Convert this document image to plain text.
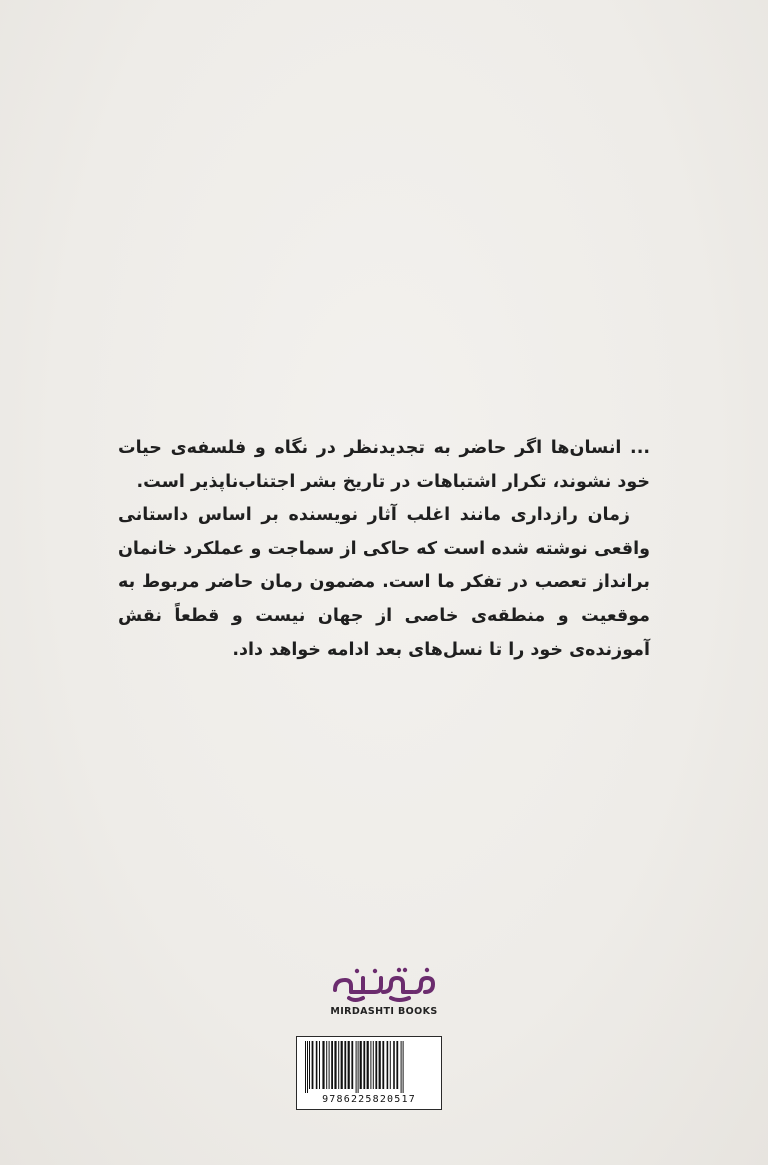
... انسان‌ها اگر حاضر به تجدیدنظر در نگاه و فلسفه‌ی حیات خود نشوند، تکرار اشتباهات در تاریخ بشر اجتناب‌ناپذیر است.

زمان رازداری مانند اغلب آثار نویسنده بر اساس داستانی واقعی نوشته شده است که حاکی از سماجت و عملکرد خانمان برانداز تعصب در تفکر ما است. مضمون رمان حاضر مربوط به موقعیت و منطقه‌ی خاصی از جهان نیست و قطعاً نقش آموزنده‌ی خود را تا نسل‌های بعد ادامه خواهد داد.

MIRDASHTI BOOKS
9786225820517
